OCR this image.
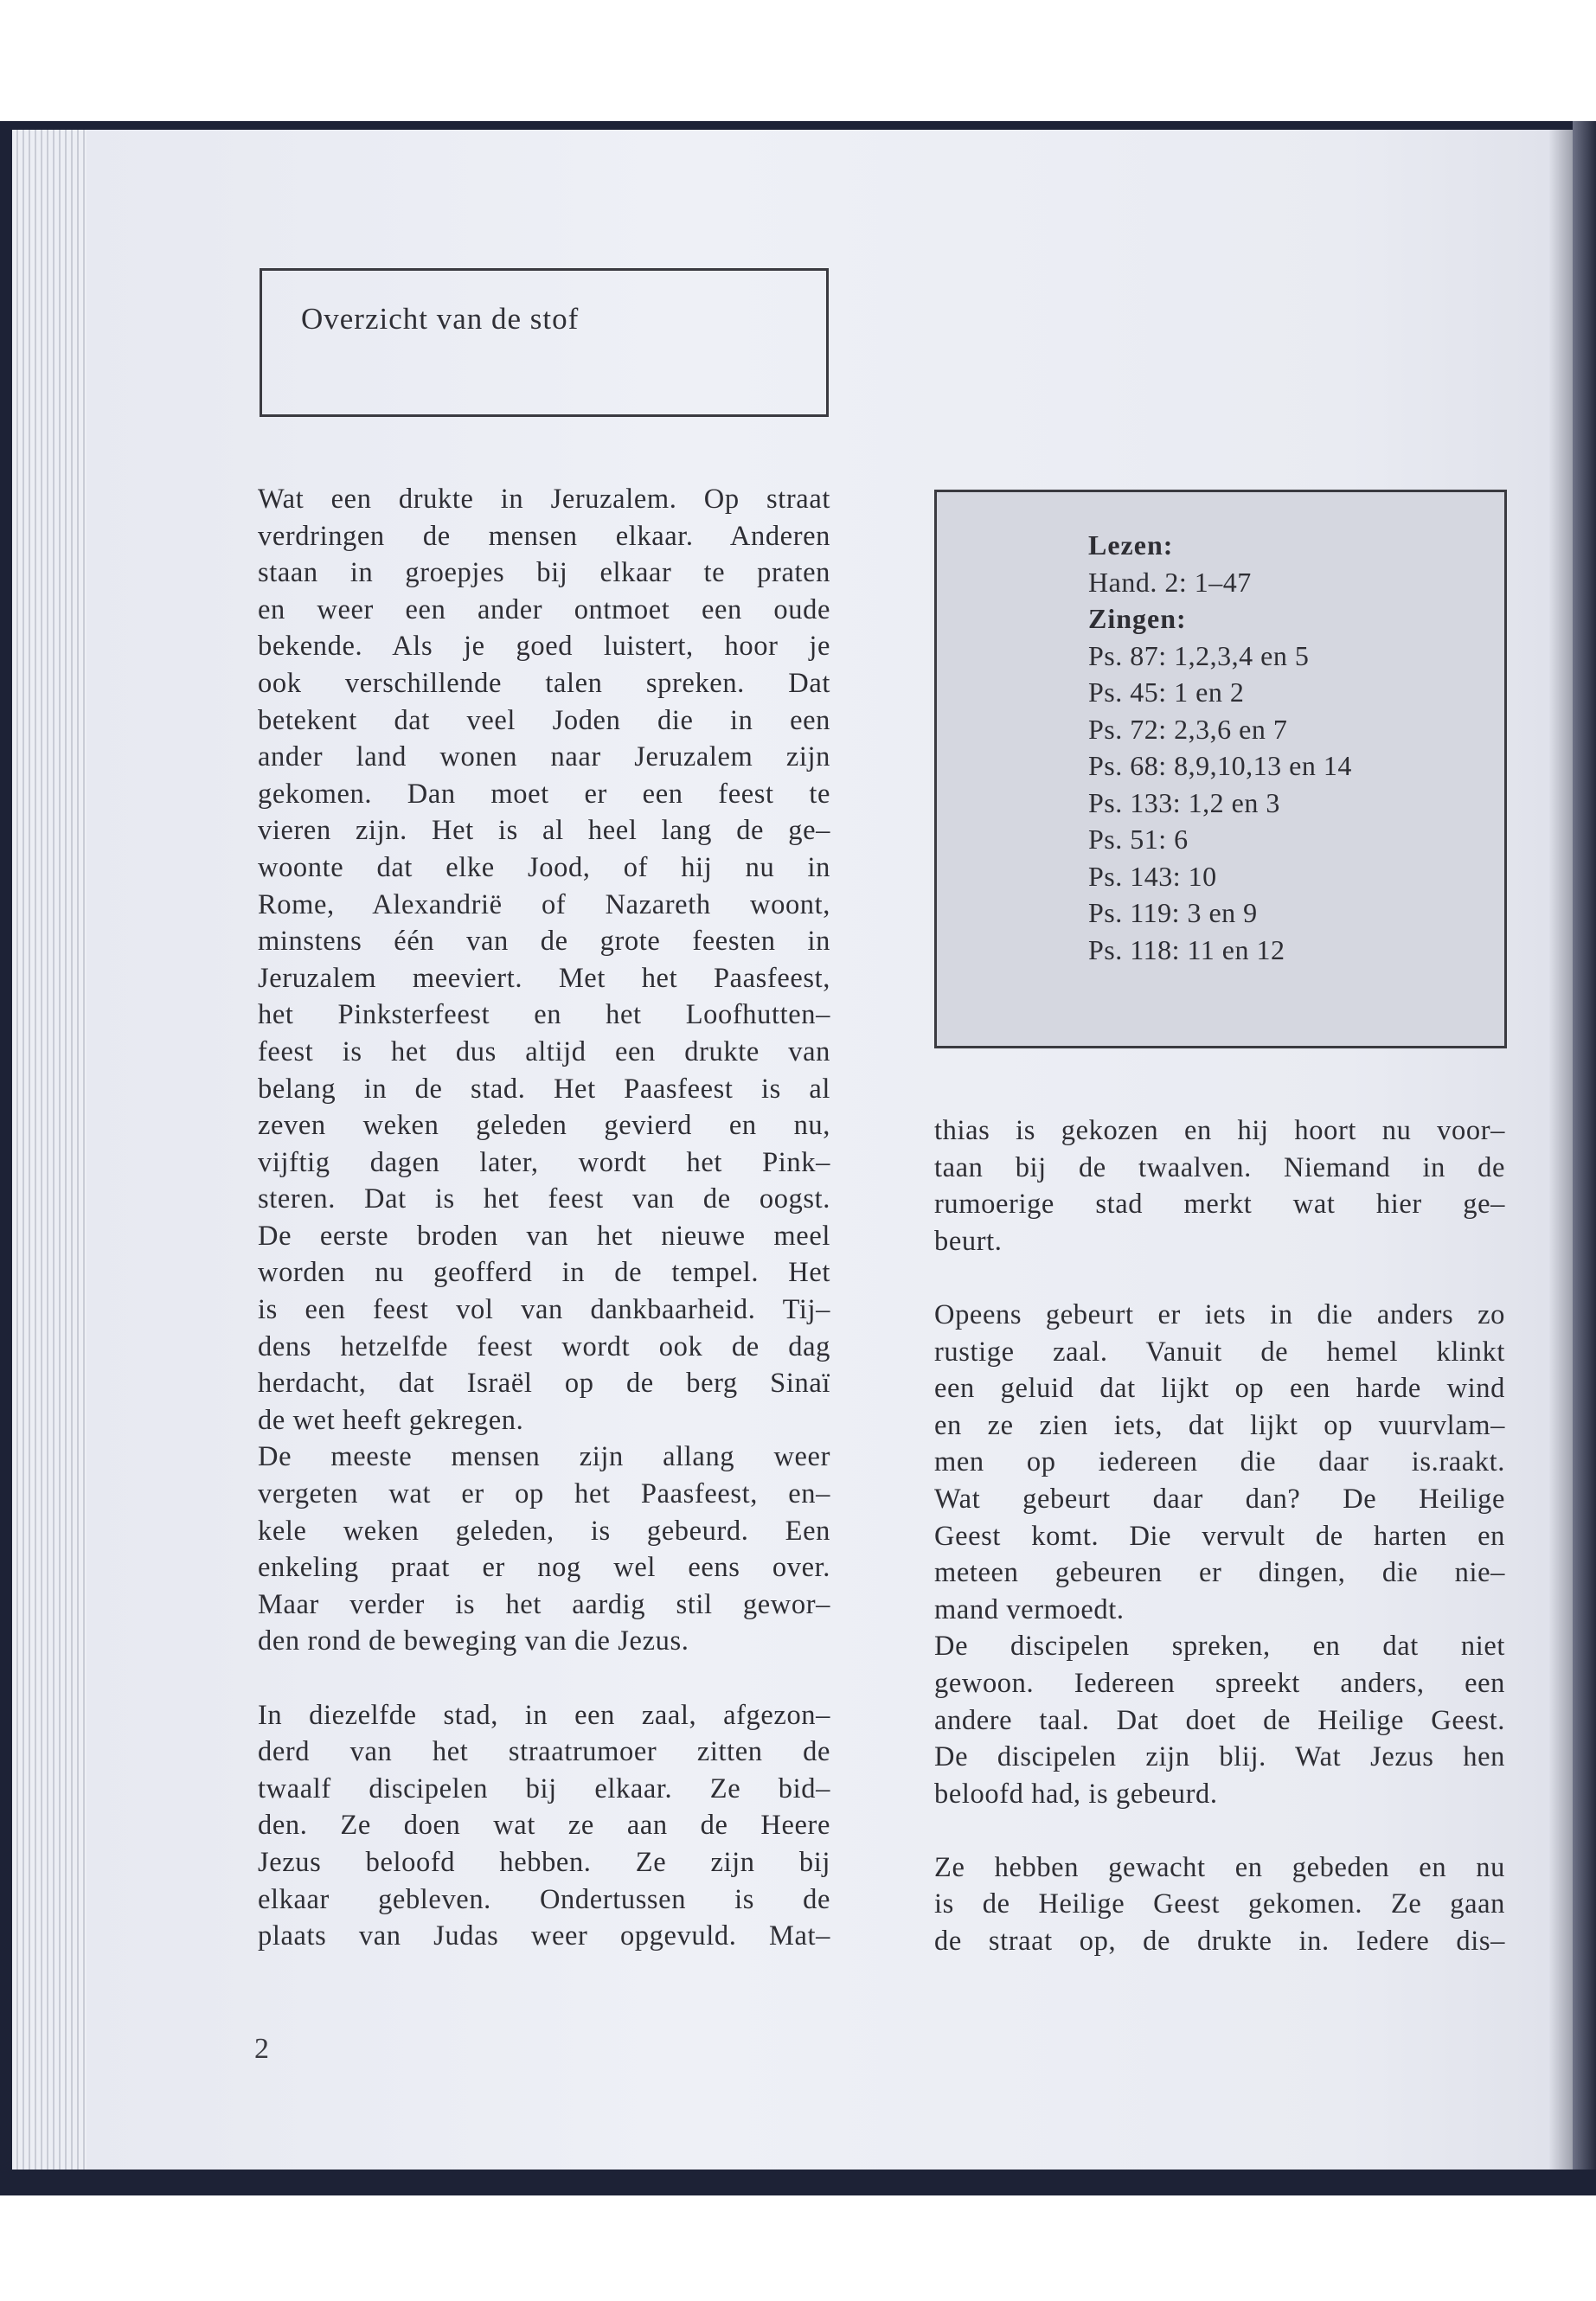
Overzicht van de stof
Wat een drukte in Jeruzalem. Op straat
verdringen de mensen elkaar. Anderen
staan in groepjes bij elkaar te praten
en weer een ander ontmoet een oude
bekende. Als je goed luistert, hoor je
ook verschillende talen spreken. Dat
betekent dat veel Joden die in een
ander land wonen naar Jeruzalem zijn
gekomen. Dan moet er een feest te
vieren zijn. Het is al heel lang de ge–
woonte dat elke Jood, of hij nu in
Rome, Alexandrië of Nazareth woont,
minstens één van de grote feesten in
Jeruzalem meeviert. Met het Paasfeest,
het Pinksterfeest en het Loofhutten–
feest is het dus altijd een drukte van
belang in de stad. Het Paasfeest is al
zeven weken geleden gevierd en nu,
vijftig dagen later, wordt het Pink–
steren. Dat is het feest van de oogst.
De eerste broden van het nieuwe meel
worden nu geofferd in de tempel. Het
is een feest vol van dankbaarheid. Tij–
dens hetzelfde feest wordt ook de dag
herdacht, dat Israël op de berg Sinaï
de wet heeft gekregen.
De meeste mensen zijn allang weer
vergeten wat er op het Paasfeest, en–
kele weken geleden, is gebeurd. Een
enkeling praat er nog wel eens over.
Maar verder is het aardig stil gewor–
den rond de beweging van die Jezus.
In diezelfde stad, in een zaal, afgezon–
derd van het straatrumoer zitten de
twaalf discipelen bij elkaar. Ze bid–
den. Ze doen wat ze aan de Heere
Jezus beloofd hebben. Ze zijn bij
elkaar gebleven. Ondertussen is de
plaats van Judas weer opgevuld. Mat–
Lezen:
Hand. 2: 1–47
Zingen:
Ps. 87: 1,2,3,4 en 5
Ps. 45: 1 en 2
Ps. 72: 2,3,6 en 7
Ps. 68: 8,9,10,13 en 14
Ps. 133: 1,2 en 3
Ps. 51: 6
Ps. 143: 10
Ps. 119: 3 en 9
Ps. 118: 11 en 12
thias is gekozen en hij hoort nu voor–
taan bij de twaalven. Niemand in de
rumoerige stad merkt wat hier ge–
beurt.
Opeens gebeurt er iets in die anders zo
rustige zaal. Vanuit de hemel klinkt
een geluid dat lijkt op een harde wind
en ze zien iets, dat lijkt op vuurvlam–
men op iedereen die daar is.raakt.
Wat gebeurt daar dan? De Heilige
Geest komt. Die vervult de harten en
meteen gebeuren er dingen, die nie–
mand vermoedt.
De discipelen spreken, en dat niet
gewoon. Iedereen spreekt anders, een
andere taal. Dat doet de Heilige Geest.
De discipelen zijn blij. Wat Jezus hen
beloofd had, is gebeurd.
Ze hebben gewacht en gebeden en nu
is de Heilige Geest gekomen. Ze gaan
de straat op, de drukte in. Iedere dis–
2
